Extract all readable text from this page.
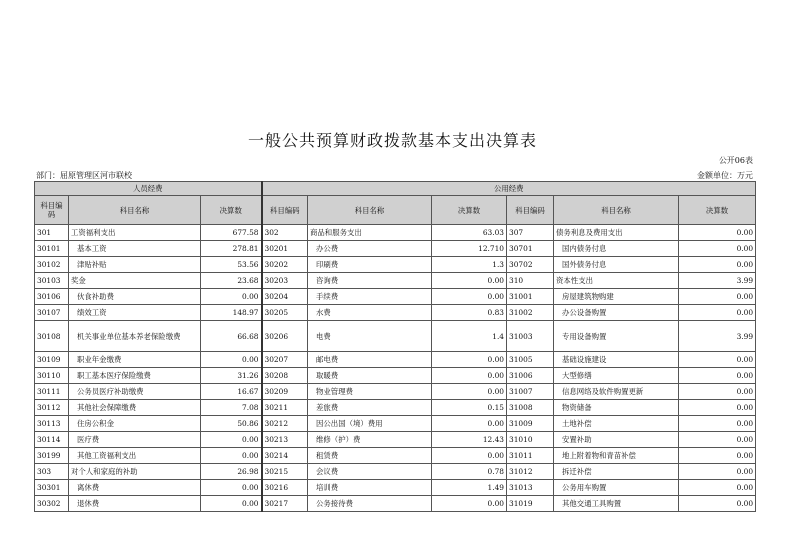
一般公共预算财政拨款基本支出决算表
公开06表
部门：屈原管理区河市联校	金额单位：万元
人员经费			公用经费					
科目编码	科目名称	决算数	科目编码	科目名称	决算数	科目编码	科目名称	决算数
301	工资福利支出	677.58	302	商品和服务支出	63.03	307	债务利息及费用支出	0.00
30101	基本工资	278.81	30201	办公费	12.710	30701	国内债务付息	0.00
30102	津贴补贴	53.56	30202	印刷费	1.3	30702	国外债务付息	0.00
30103	奖金	23.68	30203	咨询费	0.00	310	资本性支出	3.99
30106	伙食补助费	0.00	30204	手续费	0.00	31001	房屋建筑物购建	0.00
30107	绩效工资	148.97	30205	水费	0.83	31002	办公设备购置	0.00
30108	机关事业单位基本养老保险缴费	66.68	30206	电费	1.4	31003	专用设备购置	3.99
30109	职业年金缴费	0.00	30207	邮电费	0.00	31005	基础设施建设	0.00
30110	职工基本医疗保险缴费	31.26	30208	取暖费	0.00	31006	大型修缮	0.00
30111	公务员医疗补助缴费	16.67	30209	物业管理费	0.00	31007	信息网络及软件购置更新	0.00
30112	其他社会保障缴费	7.08	30211	差旅费	0.15	31008	物资储备	0.00
30113	住房公积金	50.86	30212	因公出国（境）费用	0.00	31009	土地补偿	0.00
30114	医疗费	0.00	30213	维修（护）费	12.43	31010	安置补助	0.00
30199	其他工资福利支出	0.00	30214	租赁费	0.00	31011	地上附着物和青苗补偿	0.00
303	对个人和家庭的补助	26.98	30215	会议费	0.78	31012	拆迁补偿	0.00
30301	离休费	0.00	30216	培训费	1.49	31013	公务用车购置	0.00
30302	退休费	0.00	30217	公务接待费	0.00	31019	其他交通工具购置	0.00
